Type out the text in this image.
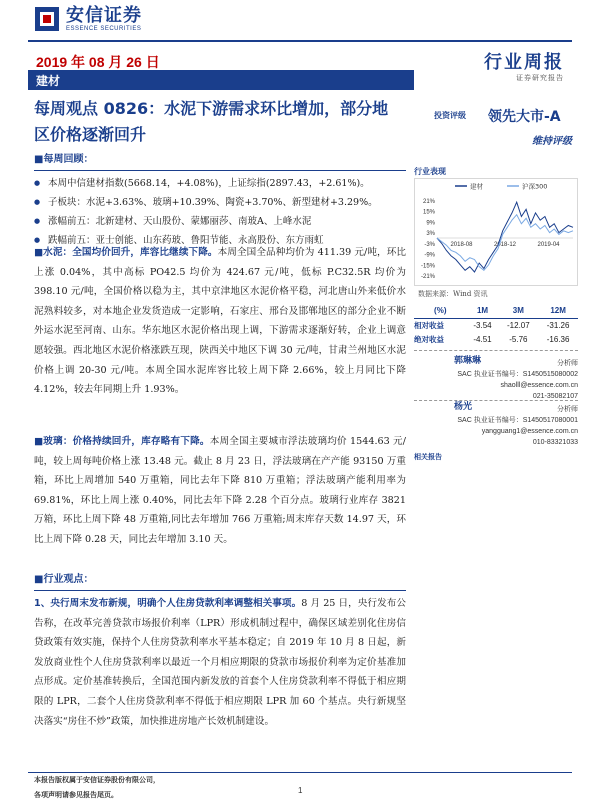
安信证券
ESSENCE SECURITIES
2019 年 08 月 26 日	行业周报
证券研究报告
建材
每周观点 0826：水泥下游需求环比增加，部分地区价格逐渐回升
投资评级 领先大市-A
维持评级
■每周回顾：
● 本周中信建材指数(5668.14，+4.08%)，上证综指(2897.43，+2.61%)。
● 子板块：水泥+3.63%、玻璃+10.39%、陶瓷+3.70%、新型建材+3.29%。
● 涨幅前五：北新建材、天山股份、蒙娜丽莎、南玻A、上峰水泥
● 跌幅前五：亚士创能、山东药玻、鲁阳节能、永高股份、东方雨虹
■水泥：全国均价回升，库容比继续下降。本周全国全品种均价为 411.39 元/吨，环比上涨 0.04%，其中高标 PO42.5 均价为 424.67 元/吨，低标 P.C32.5R 均价为 398.10 元/吨，全国价格以稳为主，其中京津地区水泥价格平稳，河北唐山外来低价水泥熟料较多，对本地企业发货造成一定影响，石家庄、邢台及邯郸地区的部分企业不断外运水泥至河南、山东。华东地区水泥价格出现上调，下游需求逐渐好转，企业上调意愿较强。西北地区水泥价格涨跌互现，陕西关中地区下调 30 元/吨，甘肃兰州地区水泥价格上调 20-30 元/吨。本周全国水泥库容比较上周下降 2.66%，较上月同比下降 4.12%，较去年同期上升 1.93%。
■玻璃：价格持续回升，库存略有下降。本周全国主要城市浮法玻璃均价 1544.63 元/吨，较上周每吨价格上涨 13.48 元。截止 8 月 23 日，浮法玻璃在产产能 93150 万重箱，环比上周增加 540 万重箱，同比去年下降 810 万重箱；浮法玻璃产能利用率为 69.81%，环比上周上涨 0.40%，同比去年下降 2.28 个百分点。玻璃行业库存 3821 万箱，环比上周下降 48 万重箱,同比去年增加 766 万重箱;周末库存天数 14.97 天，环比上周下降 0.28 天，同比去年增加 3.10 天。
■行业观点：
1、央行周末发布新规，明确个人住房贷款利率调整相关事项。8 月 25 日，央行发布公告称，在改革完善贷款市场报价利率（LPR）形成机制过程中，确保区域差别化住房信贷政策有效实施，保持个人住房贷款利率水平基本稳定；自 2019 年 10 月 8 日起，新发放商业性个人住房贷款利率以最近一个月相应期限的贷款市场报价利率为定价基准加点形成。定价基准转换后，全国范围内新发放的首套个人住房贷款利率不得低于相应期限的 LPR，二套个人住房贷款利率不得低于相应期限 LPR 加 60 个基点。央行新规坚决落实“房住不炒”政策，加快推进房地产长效机制建设。
行业表现
21%
15%
9%
3%
-3%
-9%
-15%
-21%
2018-08	2018-12	2019-04
建材	沪深300
数据来源：Wind 资讯
(%)	1M	3M	12M
相对收益	-3.54	-12.07	-31.26
绝对收益	-4.51	-5.76	-16.36
郭琳琳	分析师
SAC 执业证书编号：S1450515080002
shaolll@essence.com.cn
021-35082107
杨光	分析师
SAC 执业证书编号：S1450517080001
yangguang1@essence.com.cn
010-83321033
相关报告
本报告版权属于安信证券股份有限公司，
各项声明请参见报告尾页。	1
